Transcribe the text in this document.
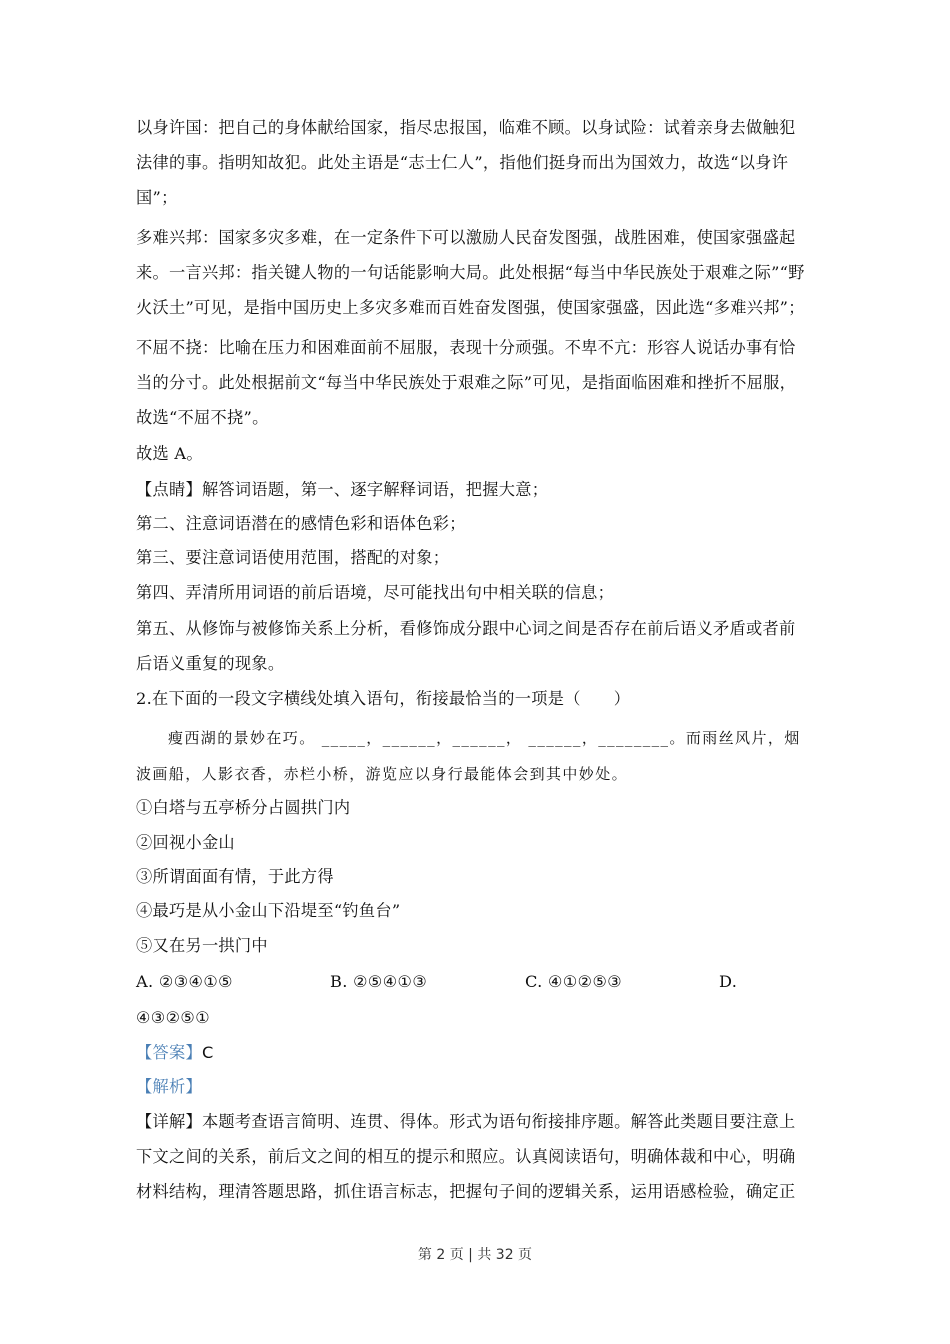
以身许国：把自己的身体献给国家，指尽忠报国，临难不顾。以身试险：试着亲身去做触犯
法律的事。指明知故犯。此处主语是“志士仁人”，指他们挺身而出为国效力，故选“以身许
国”；
多难兴邦：国家多灾多难，在一定条件下可以激励人民奋发图强，战胜困难，使国家强盛起
来。一言兴邦：指关键人物的一句话能影响大局。此处根据“每当中华民族处于艰难之际”“野
火沃土”可见，是指中国历史上多灾多难而百姓奋发图强，使国家强盛，因此选“多难兴邦”；
不屈不挠：比喻在压力和困难面前不屈服，表现十分顽强。不卑不亢：形容人说话办事有恰
当的分寸。此处根据前文“每当中华民族处于艰难之际”可见，是指面临困难和挫折不屈服，
故选“不屈不挠”。
故选 A。
【点睛】解答词语题，第一、逐字解释词语，把握大意；
第二、注意词语潜在的感情色彩和语体色彩；
第三、要注意词语使用范围，搭配的对象；
第四、弄清所用词语的前后语境，尽可能找出句中相关联的信息；
第五、从修饰与被修饰关系上分析，看修饰成分跟中心词之间是否存在前后语义矛盾或者前
后语义重复的现象。
2.在下面的一段文字横线处填入语句，衔接最恰当的一项是（　　）
瘦西湖的景妙在巧。 _____，______，______， ______，________。而雨丝风片，烟
波画船，人影衣香，赤栏小桥，游览应以身行最能体会到其中妙处。
①白塔与五亭桥分占圆拱门内
②回视小金山
③所谓面面有情，于此方得
④最巧是从小金山下沿堤至“钓鱼台”
⑤又在另一拱门中
A. ②③④①⑤	B. ②⑤④①③	C. ④①②⑤③	D.
④③②⑤①
【答案】C
【解析】
【详解】本题考查语言简明、连贯、得体。形式为语句衔接排序题。解答此类题目要注意上
下文之间的关系，前后文之间的相互的提示和照应。认真阅读语句，明确体裁和中心，明确
材料结构，理清答题思路，抓住语言标志，把握句子间的逻辑关系，运用语感检验，确定正
第 2 页 | 共 32 页
